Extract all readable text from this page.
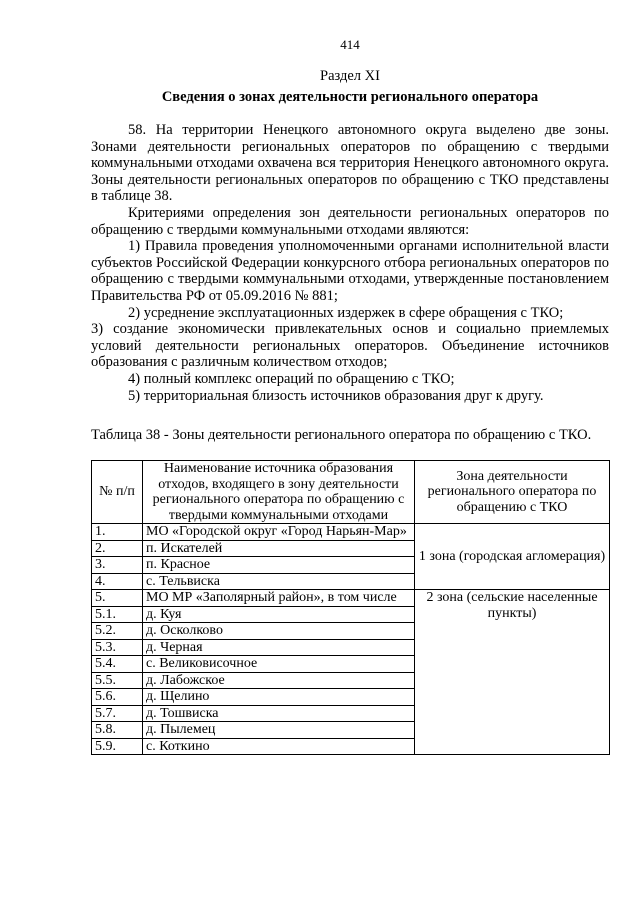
414
Раздел XI
Сведения о зонах деятельности регионального оператора

58. На территории Ненецкого автономного округа выделено две зоны. Зонами деятельности региональных операторов по обращению с твердыми коммунальными отходами охвачена вся территория Ненецкого автономного округа. Зоны деятельности региональных операторов по обращению с ТКО представлены в таблице 38.

Критериями определения зон деятельности региональных операторов по обращению с твердыми коммунальными отходами являются:

1) Правила проведения уполномоченными органами исполнительной власти субъектов Российской Федерации конкурсного отбора региональных операторов по обращению с твердыми коммунальными отходами, утвержденные постановлением Правительства РФ от 05.09.2016 № 881;

2) усреднение эксплуатационных издержек в сфере обращения с ТКО;

3) создание экономически привлекательных основ и социально приемлемых условий деятельности региональных операторов. Объединение источников образования с различным количеством отходов;

4) полный комплекс операций по обращению с ТКО;

5) территориальная близость источников образования друг к другу.

Таблица 38 - Зоны деятельности регионального оператора по обращению с ТКО.
№ п/п	Наименование источника образования отходов, входящего в зону деятельности регионального оператора по обращению с твердыми коммунальными отходами	Зона деятельности регионального оператора по обращению с ТКО
1.	МО «Городской округ «Город Нарьян-Мар»	1 зона (городская агломерация)
2.	п. Искателей	
3.	п. Красное	
4.	с. Тельвиска	
5.	МО МР «Заполярный район», в том числе	2 зона (сельские населенные пункты)
5.1.	д. Куя	
5.2.	д. Осколково	
5.3.	д. Черная	
5.4.	с. Великовисочное	
5.5.	д. Лабожское	
5.6.	д. Щелино	
5.7.	д. Тошвиска	
5.8.	д. Пылемец	
5.9.	с. Коткино	
